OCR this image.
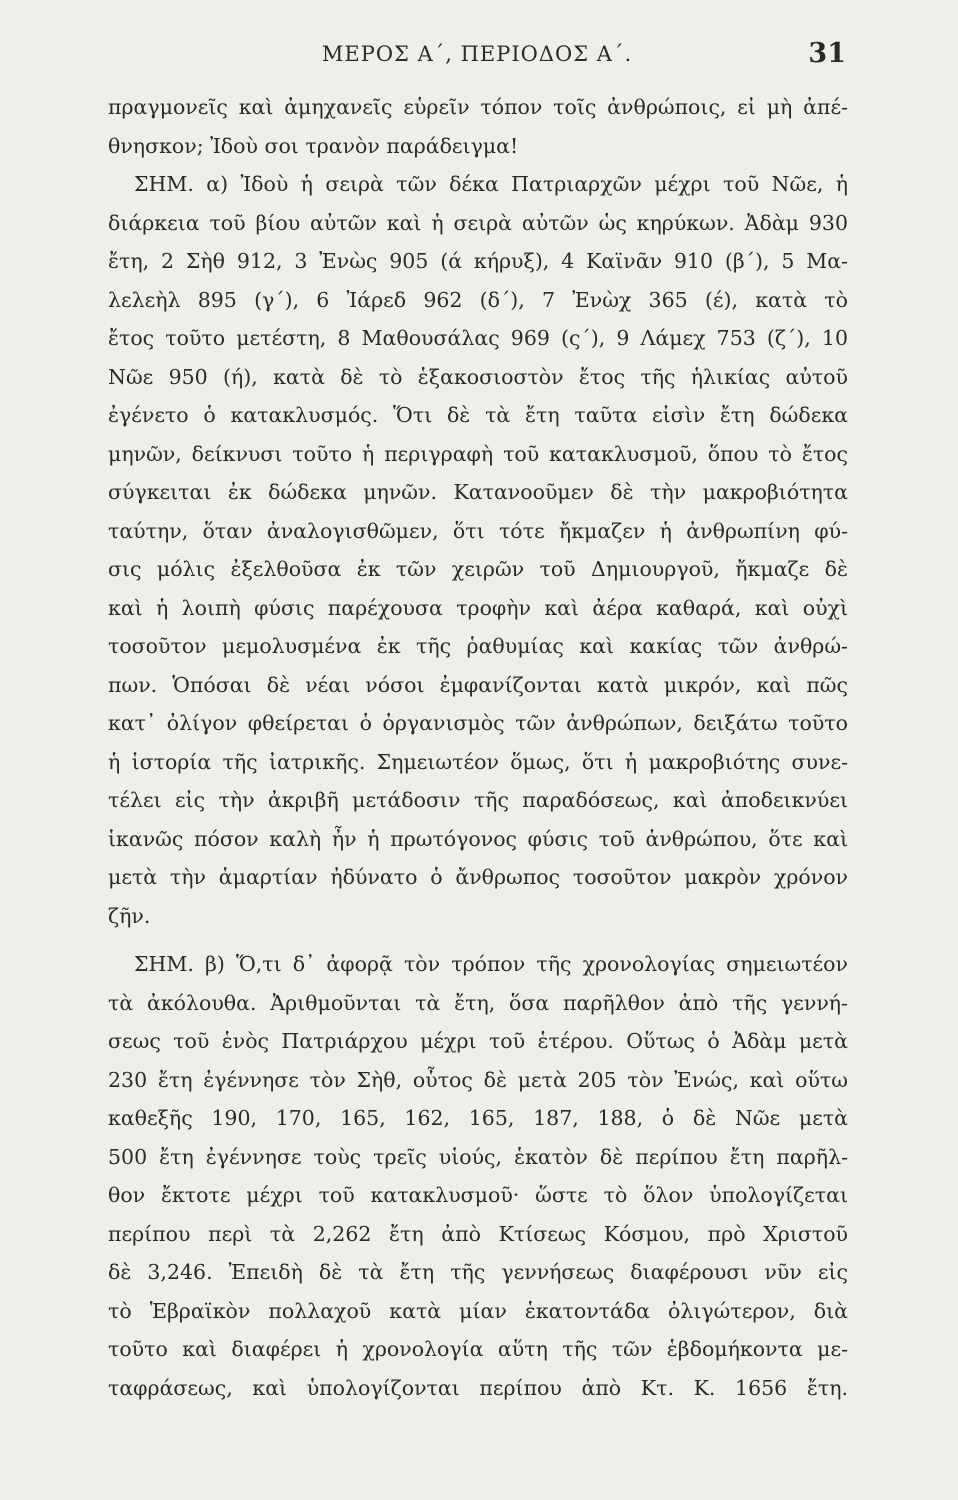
ΜΕΡΟΣ Α΄, ΠΕΡΙΟΔΟΣ Α΄.	31
πραγμονεῖς καὶ ἀμηχανεῖς εὑρεῖν τόπον τοῖς ἀνθρώποις, εἰ μὴ ἀπέ-
θνησκον; Ἰδοὺ σοι τρανὸν παράδειγμα!
ΣΗΜ. α) Ἰδοὺ ἡ σειρὰ τῶν δέκα Πατριαρχῶν μέχρι τοῦ Νῶε, ἡ
διάρκεια τοῦ βίου αὐτῶν καὶ ἡ σειρὰ αὐτῶν ὡς κηρύκων. Ἀδὰμ 930
ἔτη, 2 Σὴθ 912, 3 Ἐνὼς 905 (ά κήρυξ), 4 Καϊνᾶν 910 (β΄), 5 Μα-
λελεὴλ 895 (γ΄), 6 Ἰάρεδ 962 (δ΄), 7 Ἐνὼχ 365 (έ), κατὰ τὸ
ἔτος τοῦτο μετέστη, 8 Μαθουσάλας 969 (ς΄), 9 Λάμεχ 753 (ζ΄), 10
Νῶε 950 (ή), κατὰ δὲ τὸ ἑξακοσιοστὸν ἔτος τῆς ἡλικίας αὐτοῦ
ἐγένετο ὁ κατακλυσμός. Ὅτι δὲ τὰ ἔτη ταῦτα εἰσὶν ἔτη δώδεκα
μηνῶν, δείκνυσι τοῦτο ἡ περιγραφὴ τοῦ κατακλυσμοῦ, ὅπου τὸ ἔτος
σύγκειται ἐκ δώδεκα μηνῶν. Κατανοοῦμεν δὲ τὴν μακροβιότητα
ταύτην, ὅταν ἀναλογισθῶμεν, ὅτι τότε ἤκμαζεν ἡ ἀνθρωπίνη φύ-
σις μόλις ἐξελθοῦσα ἐκ τῶν χειρῶν τοῦ Δημιουργοῦ, ἤκμαζε δὲ
καὶ ἡ λοιπὴ φύσις παρέχουσα τροφὴν καὶ ἀέρα καθαρά, καὶ οὐχὶ
τοσοῦτον μεμολυσμένα ἐκ τῆς ῥαθυμίας καὶ κακίας τῶν ἀνθρώ-
πων. Ὁπόσαι δὲ νέαι νόσοι ἐμφανίζονται κατὰ μικρόν, καὶ πῶς
κατ᾽ ὀλίγον φθείρεται ὁ ὀργανισμὸς τῶν ἀνθρώπων, δειξάτω τοῦτο
ἡ ἱστορία τῆς ἰατρικῆς. Σημειωτέον ὅμως, ὅτι ἡ μακροβιότης συνε-
τέλει εἰς τὴν ἀκριβῆ μετάδοσιν τῆς παραδόσεως, καὶ ἀποδεικνύει
ἱκανῶς πόσον καλὴ ἦν ἡ πρωτόγονος φύσις τοῦ ἀνθρώπου, ὅτε καὶ
μετὰ τὴν ἁμαρτίαν ἠδύνατο ὁ ἄνθρωπος τοσοῦτον μακρὸν χρόνον
ζῆν.
ΣΗΜ. β) Ὅ,τι δ᾽ ἀφορᾷ τὸν τρόπον τῆς χρονολογίας σημειωτέον
τὰ ἀκόλουθα. Ἀριθμοῦνται τὰ ἔτη, ὅσα παρῆλθον ἀπὸ τῆς γεννή-
σεως τοῦ ἑνὸς Πατριάρχου μέχρι τοῦ ἑτέρου. Οὕτως ὁ Ἀδὰμ μετὰ
230 ἔτη ἐγέννησε τὸν Σὴθ, οὗτος δὲ μετὰ 205 τὸν Ἐνώς, καὶ οὕτω
καθεξῆς 190, 170, 165, 162, 165, 187, 188, ὁ δὲ Νῶε μετὰ
500 ἔτη ἐγέννησε τοὺς τρεῖς υἱούς, ἑκατὸν δὲ περίπου ἔτη παρῆλ-
θον ἔκτοτε μέχρι τοῦ κατακλυσμοῦ· ὥστε τὸ ὅλον ὑπολογίζεται
περίπου περὶ τὰ 2,262 ἔτη ἀπὸ Κτίσεως Κόσμου, πρὸ Χριστοῦ
δὲ 3,246. Ἐπειδὴ δὲ τὰ ἔτη τῆς γεννήσεως διαφέρουσι νῦν εἰς
τὸ Ἑβραϊκὸν πολλαχοῦ κατὰ μίαν ἑκατοντάδα ὀλιγώτερον, διὰ
τοῦτο καὶ διαφέρει ἡ χρονολογία αὕτη τῆς τῶν ἑβδομήκοντα με-
ταφράσεως, καὶ ὑπολογίζονται περίπου ἀπὸ Κτ. Κ. 1656 ἔτη.
